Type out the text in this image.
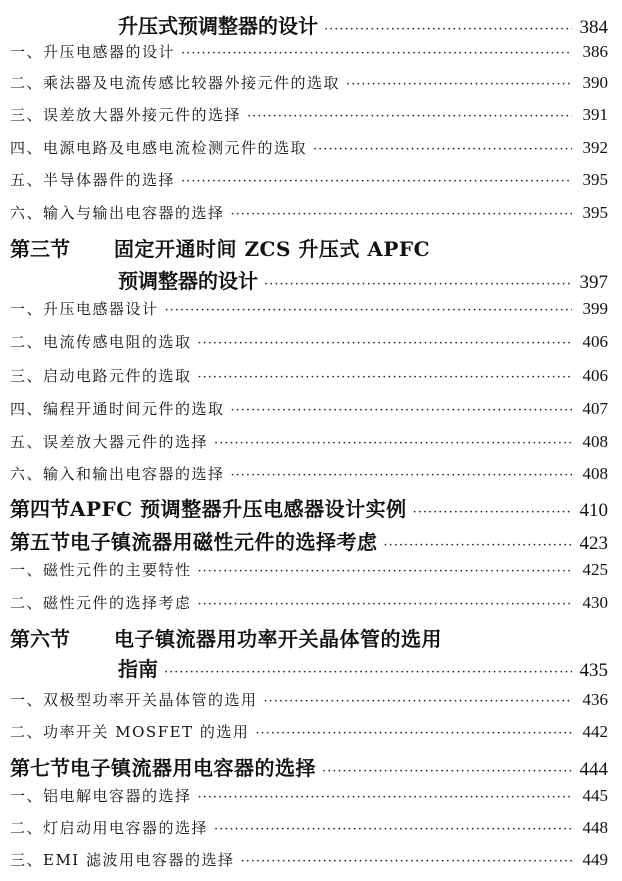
升压式预调整器的设计 ·····	384
一、升压电感器的设计 ·····	386
二、乘法器及电流传感比较器外接元件的选取 ·····	390
三、误差放大器外接元件的选择 ·····	391
四、电源电路及电感电流检测元件的选取 ·····	392
五、半导体器件的选择 ·····	395
六、输入与输出电容器的选择 ·····	395
第三节	固定开通时间 ZCS 升压式 APFC
预调整器的设计 ·····	397
一、升压电感器设计 ·····	399
二、电流传感电阻的选取 ·····	406
三、启动电路元件的选取 ·····	406
四、编程开通时间元件的选取 ·····	407
五、误差放大器元件的选择 ·····	408
六、输入和输出电容器的选择 ·····	408
第四节 APFC 预调整器升压电感器设计实例 ·····	410
第五节 电子镇流器用磁性元件的选择考虑 ·····	423
一、磁性元件的主要特性 ·····	425
二、磁性元件的选择考虑 ·····	430
第六节	电子镇流器用功率开关晶体管的选用
指南 ·····	435
一、双极型功率开关晶体管的选用 ·····	436
二、功率开关 MOSFET 的选用 ·····	442
第七节 电子镇流器用电容器的选择 ·····	444
一、铝电解电容器的选择 ·····	445
二、灯启动用电容器的选择 ·····	448
三、EMI 滤波用电容器的选择 ·····	449
